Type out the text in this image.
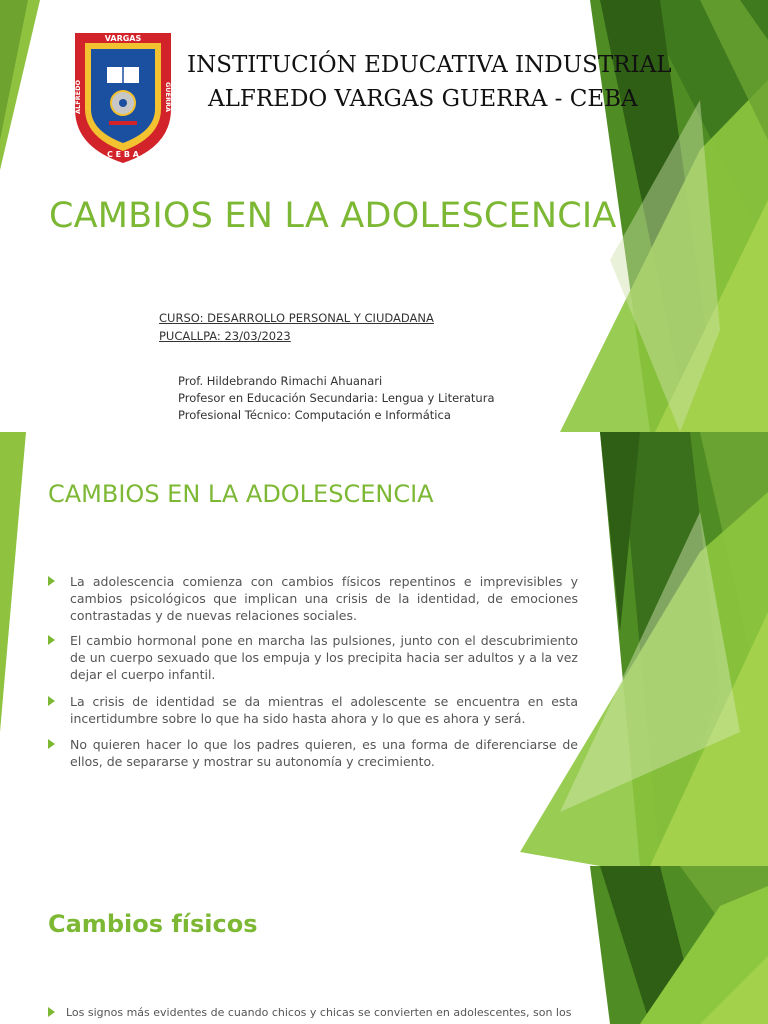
VARGAS
ALFREDO	GUERRA
C E B A
INSTITUCIÓN EDUCATIVA INDUSTRIAL
ALFREDO VARGAS GUERRA - CEBA
CAMBIOS EN LA ADOLESCENCIA
CURSO: DESARROLLO PERSONAL Y CIUDADANA
PUCALLPA: 23/03/2023
Prof. Hildebrando Rimachi Ahuanari
Profesor en Educación Secundaria: Lengua y Literatura
Profesional Técnico: Computación e Informática
CAMBIOS EN LA ADOLESCENCIA
La adolescencia comienza con cambios físicos repentinos e imprevisibles y cambios psicológicos que implican una crisis de la identidad, de emociones contrastadas y de nuevas relaciones sociales.
El cambio hormonal pone en marcha las pulsiones, junto con el descubrimiento de un cuerpo sexuado que los empuja y los precipita hacia ser adultos y a la vez dejar el cuerpo infantil.
La crisis de identidad se da mientras el adolescente se encuentra en esta incertidumbre sobre lo que ha sido hasta ahora y lo que es ahora y será.
No quieren hacer lo que los padres quieren, es una forma de diferenciarse de ellos, de separarse y mostrar su autonomía y crecimiento.
Cambios físicos
Los signos más evidentes de cuando chicos y chicas se convierten en adolescentes, son los
